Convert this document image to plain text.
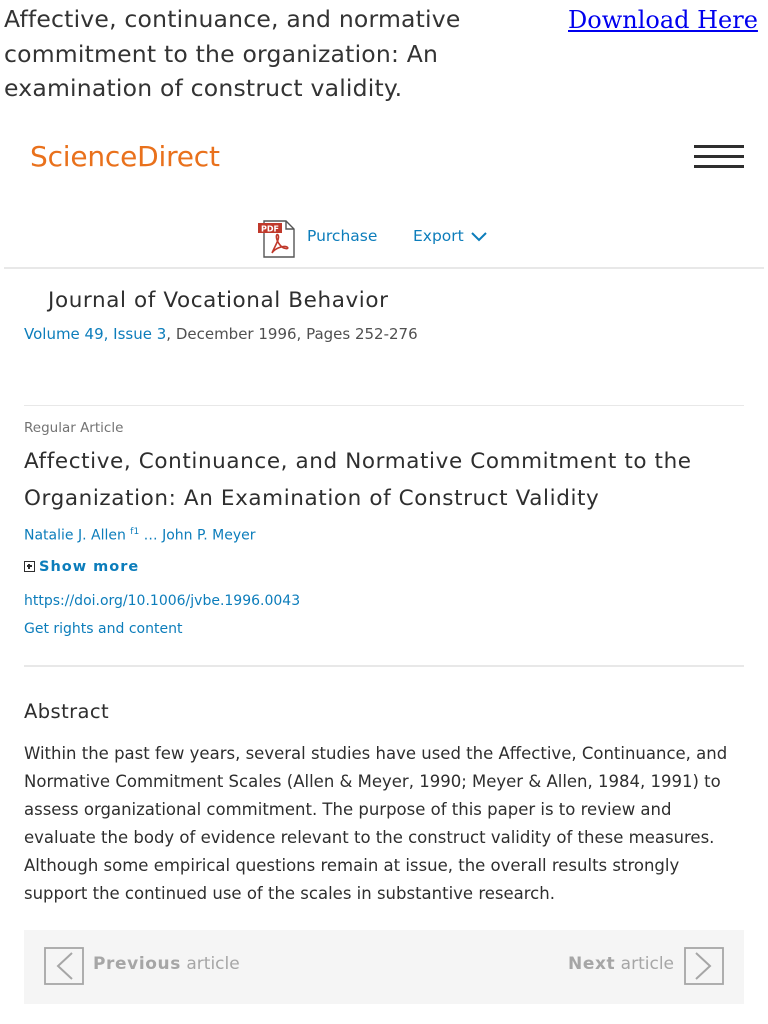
Affective, continuance, and normative commitment to the organization: An examination of construct validity.
Download Here
ScienceDirect
PDF Purchase Export
Journal of Vocational Behavior
Volume 49, Issue 3, December 1996, Pages 252-276
Regular Article
Affective, Continuance, and Normative Commitment to the Organization: An Examination of Construct Validity
Natalie J. Allen $^{f1}$ … John P. Meyer
Show more
https://doi.org/10.1006/jvbe.1996.0043
Get rights and content
Abstract

Within the past few years, several studies have used the Affective, Continuance, and Normative Commitment Scales (Allen & Meyer, 1990; Meyer & Allen, 1984, 1991) to assess organizational commitment. The purpose of this paper is to review and evaluate the body of evidence relevant to the construct validity of these measures. Although some empirical questions remain at issue, the overall results strongly support the continued use of the scales in substantive research.

Previous article	Next article
